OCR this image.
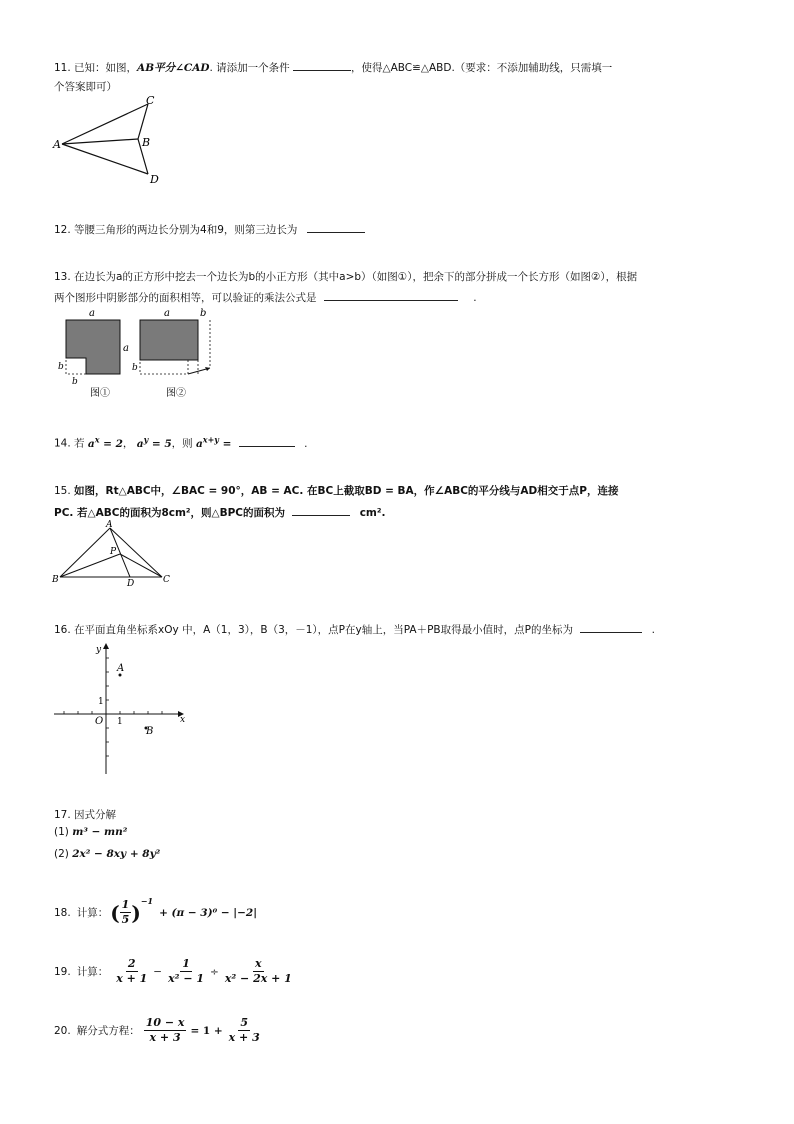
11. 已知：如图，AB平分∠CAD. 请添加一个条件	，使得△ABC≌△ABD.（要求：不添加辅助线，只需填一
个答案即可）
A
C
B
D
12. 等腰三角形的两边长分别为4和9，则第三边长为
13. 在边长为a的正方形中挖去一个边长为b的小正方形（其中a>b）（如图①），把余下的部分拼成一个长方形（如图②），根据
两个图形中阴影部分的面积相等，可以验证的乘法公式是	.
a
a
b
b
图①
a	b
b
图②
14. 若 $a^x = 2$， $a^y = 5$，则 $a^{x+y}$ =	.
15. 如图，Rt△ABC中，∠BAC = 90°，AB = AC. 在BC上截取BD = BA，作∠ABC的平分线与AD相交于点P，连接
PC. 若△ABC的面积为8cm²，则△BPC的面积为	cm².
A
P
B	D	C
16. 在平面直角坐标系xOy 中，A（1，3），B（3，－1），点P在y轴上，当PA＋PB取得最小值时，点P的坐标为	.
y
x
O 1
1
A
B
17. 因式分解
(1) m³ − mn²
(2) 2x² − 8xy + 8y²
18. 计算： ( $\frac{1}{5} )^{-1}$
+ (π − 3)⁰ − |−2|
19. 计算： $\frac{2}{x + 1} - \frac{1}{\text{x² − 1}} \div \frac{x}{\text{x² − 2x + 1}}$
20. 解分式方程： $\frac{10 - x}{x + 3} = 1 + \frac{5}{x + 3}$
